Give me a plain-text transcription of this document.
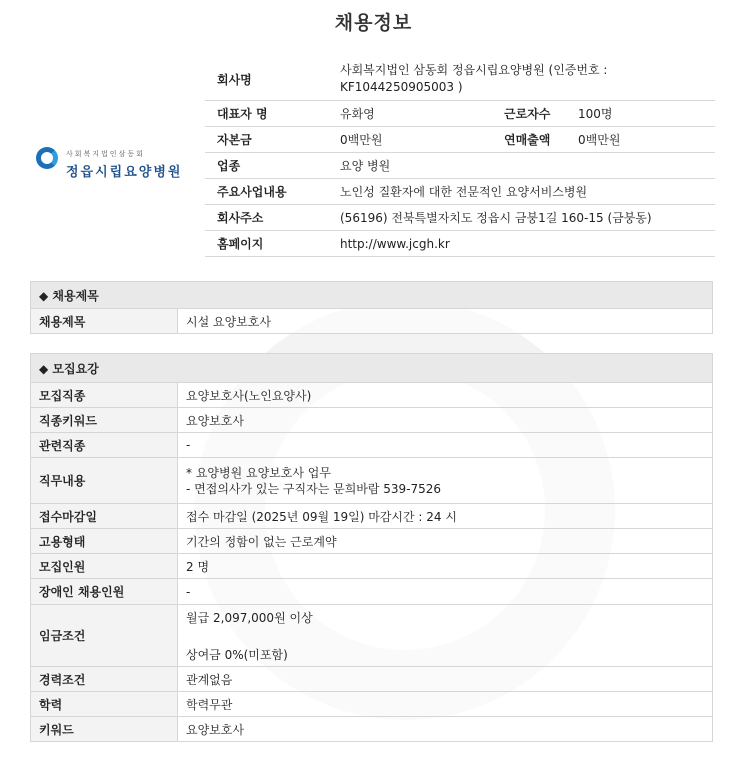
채용정보
사회복지법인삼동회
정읍시립요양병원
회사명	사회복지법인 삼동회 정읍시립요양병원 (인증번호 : KF1044250905003 )		
대표자 명	유화영	근로자수	100명
자본금	0백만원	연매출액	0백만원
업종	요양 병원		
주요사업내용	노인성 질환자에 대한 전문적인 요양서비스병원		
회사주소	(56196) 전북특별자치도 정읍시 금붕1길 160-15 (금붕동)		
홈페이지	http://www.jcgh.kr		
◆ 채용제목
채용제목	시설 요양보호사
◆ 모집요강	
모집직종	요양보호사(노인요양사)
직종키워드	요양보호사
관련직종	-
직무내용	* 요양병원 요양보호사 업무
- 면접의사가 있는 구직자는 문희바람 539-7526

접수마감일	접수 마감일 (2025년 09월 19일) 마감시간 : 24 시
고용형태	기간의 정함이 없는 근로계약
모집인원	2 명
장애인 채용인원	-
임금조건	월급 2,097,000원 이상
상여금 0%(미포함)

경력조건	관계없음
학력	학력무관
키워드	요양보호사
